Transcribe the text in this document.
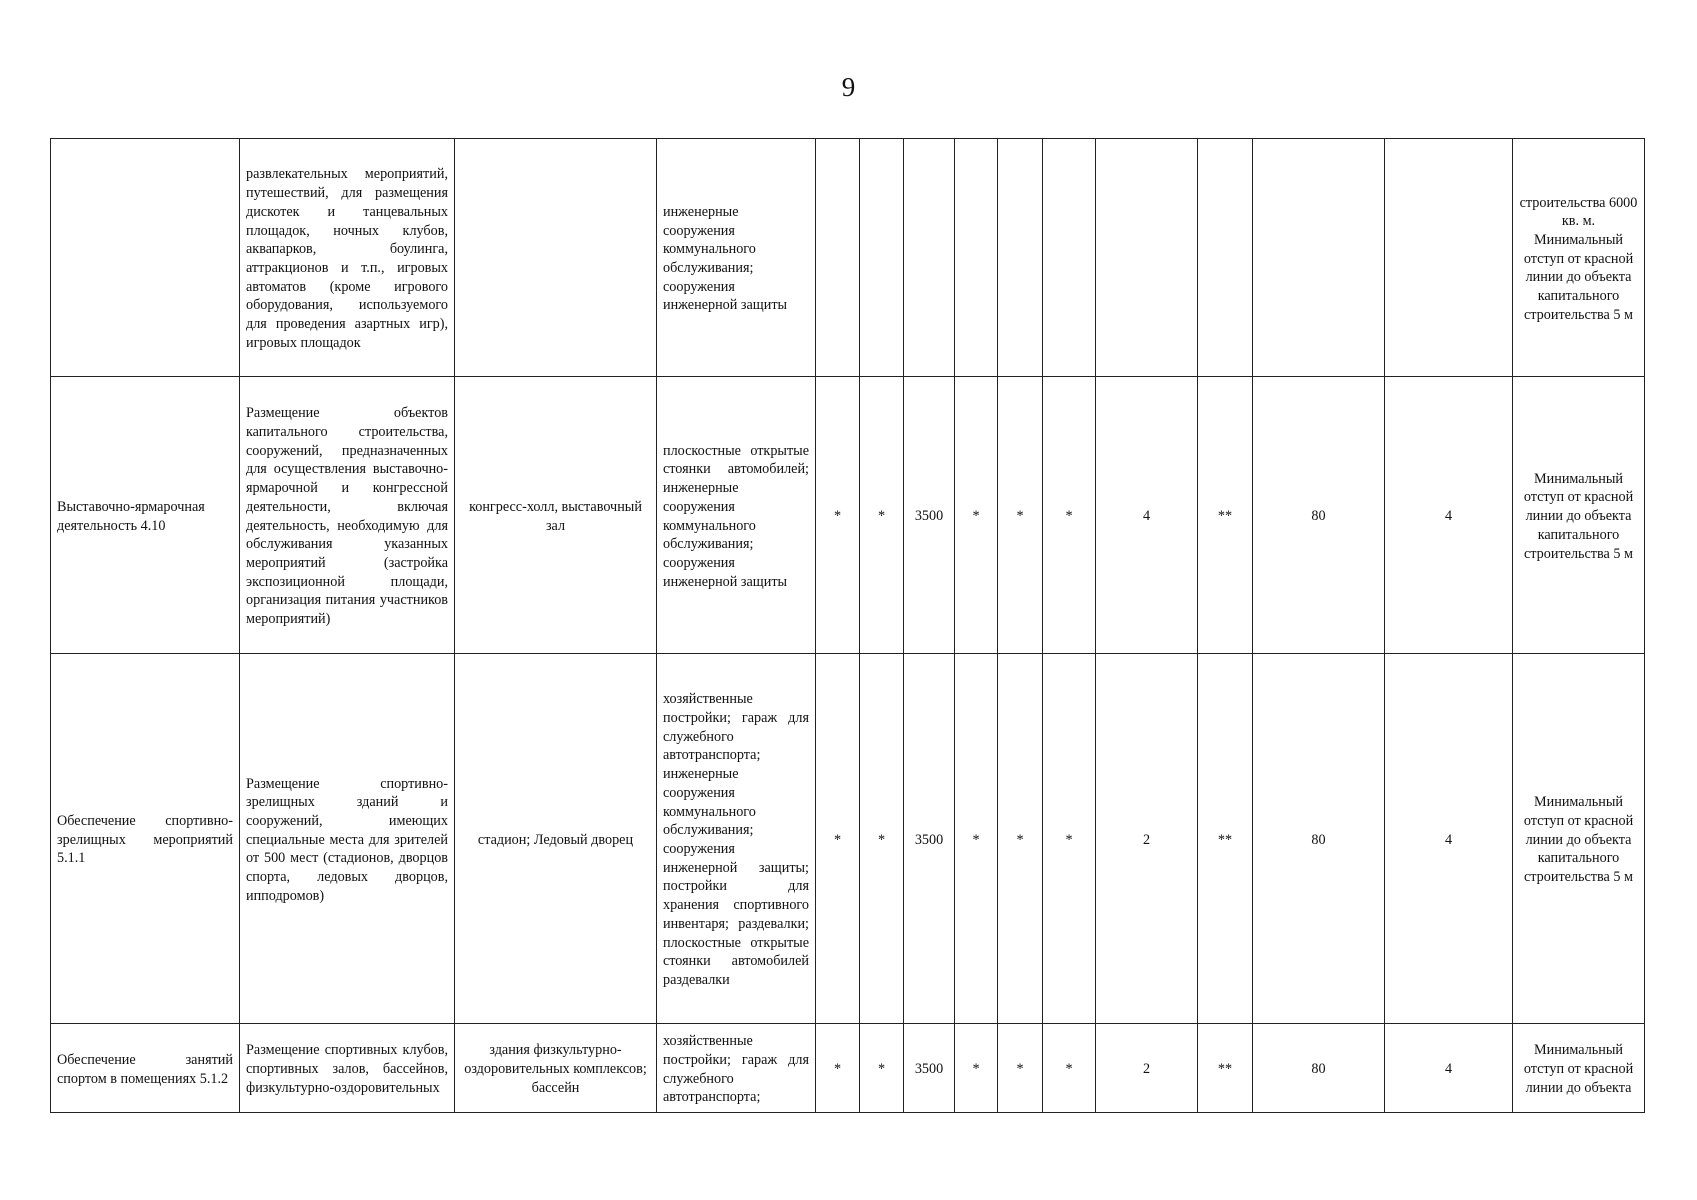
9
	развлекательных мероприятий, путешествий, для размещения дискотек и танцевальных площадок, ночных клубов, аквапарков, боулинга, аттракционов и т.п., игровых автоматов (кроме игрового оборудования, используемого для проведения азартных игр), игровых площадок		инженерные сооружения коммунального обслуживания; сооружения инженерной защиты											строительства 6000 кв. м. Минимальный отступ от красной линии до объекта капитального строительства 5 м
Выставочно-ярмарочная деятельность 4.10	Размещение объектов капитального строительства, сооружений, предназначенных для осуществления выставочно-ярмарочной и конгрессной деятельности, включая деятельность, необходимую для обслуживания указанных мероприятий (застройка экспозиционной площади, организация питания участников мероприятий)	конгресс-холл, выставочный зал	плоскостные открытые стоянки автомобилей; инженерные сооружения коммунального обслуживания; сооружения инженерной защиты	*	*	3500	*	*	*	4	**	80	4	Минимальный отступ от красной линии до объекта капитального строительства 5 м
Обеспечение спортивно-зрелищных мероприятий 5.1.1	Размещение спортивно-зрелищных зданий и сооружений, имеющих специальные места для зрителей от 500 мест (стадионов, дворцов спорта, ледовых дворцов, ипподромов)	стадион; Ледовый дворец	хозяйственные постройки; гараж для служебного автотранспорта; инженерные сооружения коммунального обслуживания; сооружения инженерной защиты; постройки для хранения спортивного инвентаря; раздевалки; плоскостные открытые стоянки автомобилей раздевалки	*	*	3500	*	*	*	2	**	80	4	Минимальный отступ от красной линии до объекта капитального строительства 5 м
Обеспечение занятий спортом в помещениях 5.1.2	Размещение спортивных клубов, спортивных залов, бассейнов, физкультурно-оздоровительных	здания физкультурно-оздоровительных комплексов; бассейн	хозяйственные постройки; гараж для служебного автотранспорта;	*	*	3500	*	*	*	2	**	80	4	Минимальный отступ от красной линии до объекта
